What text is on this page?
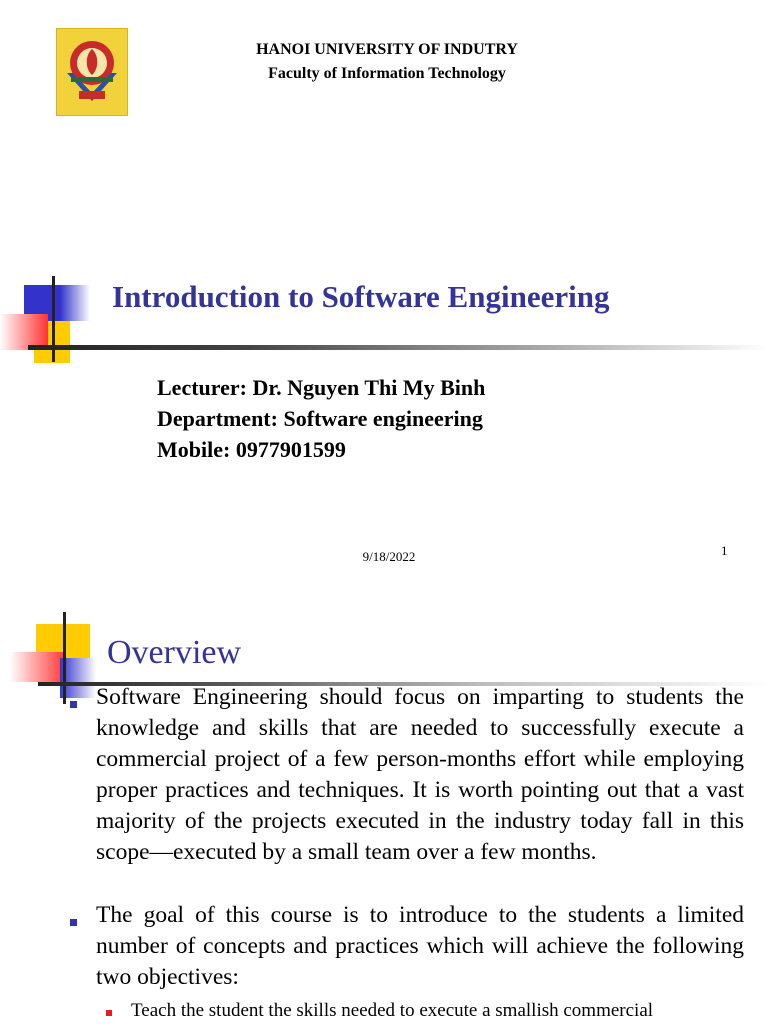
HANOI UNIVERSITY OF INDUTRY
Faculty of Information Technology
Introduction to Software Engineering
Lecturer: Dr. Nguyen Thi My Binh
Department: Software engineering
Mobile: 0977901599
9/18/2022	1
Overview
Software Engineering should focus on imparting to students the knowledge and skills that are needed to successfully execute a commercial project of a few person-months effort while employing proper practices and techniques. It is worth pointing out that a vast majority of the projects executed in the industry today fall in this scope—executed by a small team over a few months.
The goal of this course is to introduce to the students a limited number of concepts and practices which will achieve the following two objectives:
Teach the student the skills needed to execute a smallish commercial
